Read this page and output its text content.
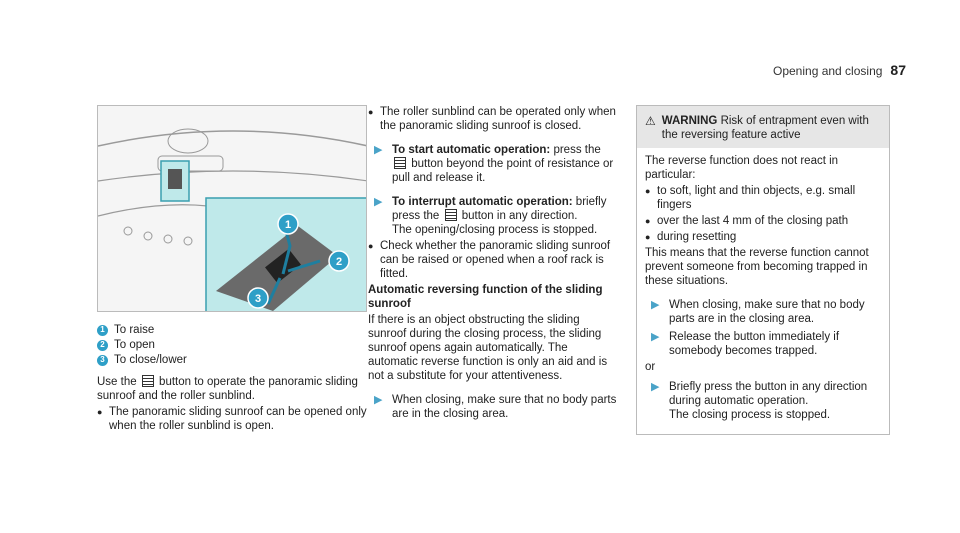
Opening and closing 87
1
2
3
1 To raise
2 To open
3 To close/lower

Use the button to operate the panoramic sliding sunroof and the roller sunblind.

● The panoramic sliding sunroof can be opened only when the roller sunblind is open.
● The roller sunblind can be operated only when the panoramic sliding sunroof is closed.
▶ To start automatic operation: press the  button beyond the point of resistance or pull and release it.
▶ To interrupt automatic operation: briefly press the button in any direction.
The opening/closing process is stopped.
● Check whether the panoramic sliding sunroof can be raised or opened when a roof rack is fitted.

Automatic reversing function of the sliding sunroof

If there is an object obstructing the sliding sunroof during the closing process, the sliding sunroof opens again automatically. The automatic reverse function is only an aid and is not a substitute for your attentiveness.

▶ When closing, make sure that no body parts are in the closing area.
⚠ WARNING Risk of entrapment even with the reversing feature active

The reverse function does not react in particular:

● to soft, light and thin objects, e.g. small fingers
● over the last 4 mm of the closing path
● during resetting

This means that the reverse function cannot prevent someone from becoming trapped in these situations.

▶ When closing, make sure that no body parts are in the closing area.
▶ Release the button immediately if somebody becomes trapped.

or

▶ Briefly press the button in any direction during automatic operation.
The closing process is stopped.
